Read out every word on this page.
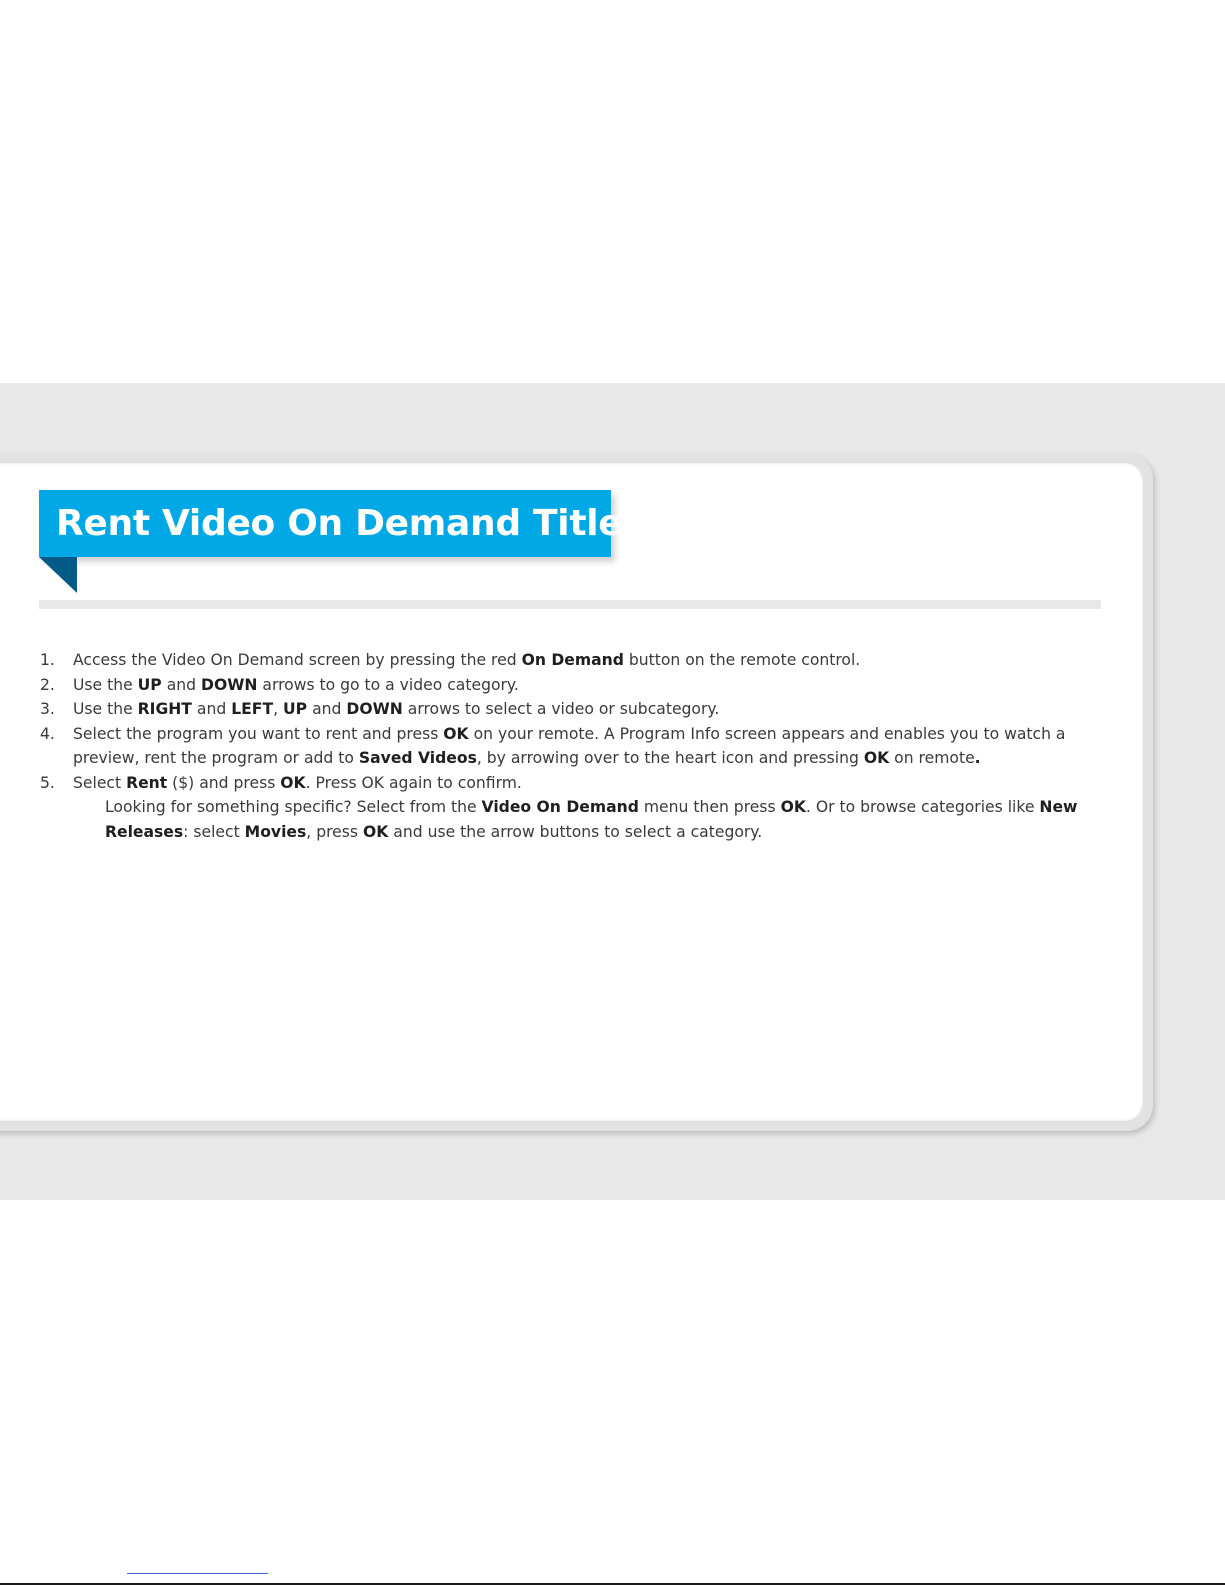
Rent Video On Demand Titles
1. Access the Video On Demand screen by pressing the red On Demand button on the remote control.
2. Use the UP and DOWN arrows to go to a video category.
3. Use the RIGHT and LEFT, UP and DOWN arrows to select a video or subcategory.
4. Select the program you want to rent and press OK on your remote. A Program Info screen appears and enables you to watch a preview, rent the program or add to Saved Videos, by arrowing over to the heart icon and pressing OK on remote.
5. Select Rent ($) and press OK. Press OK again to confirm.
Looking for something specific? Select from the Video On Demand menu then press OK. Or to browse categories like New Releases: select Movies, press OK and use the arrow buttons to select a category.
